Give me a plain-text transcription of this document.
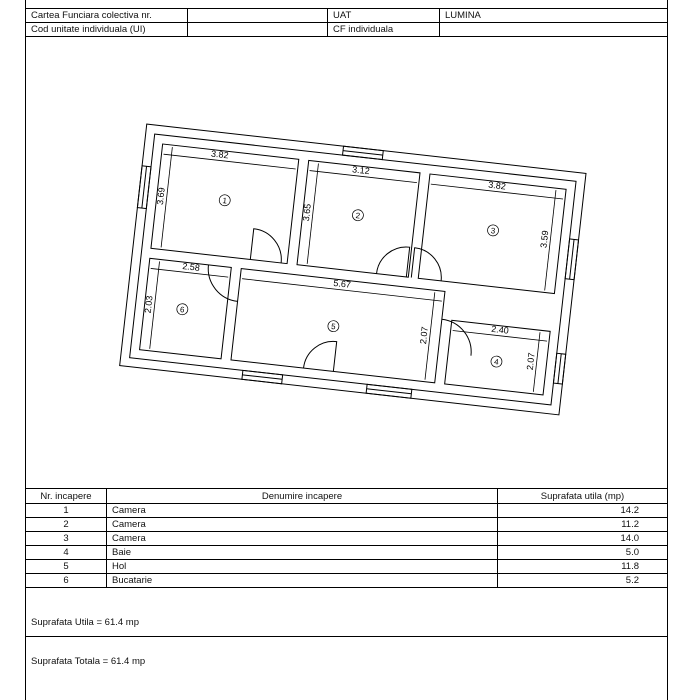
Cartea Funciara colectiva nr.		UAT	LUMINA
Cod unitate individuala (UI)		CF individuala	
3.82
3.12
3.82
3.69
3.65
3.59
2.58
5.67
2.40
2.03
2.07
2.07
1
2
3
4
5
6
Nr. incapere	Denumire incapere	Suprafata utila (mp)
1	Camera	14.2
2	Camera	11.2
3	Camera	14.0
4	Baie	5.0
5	Hol	11.8
6	Bucatarie	5.2
Suprafata Utila = 61.4 mp
Suprafata Totala = 61.4 mp
